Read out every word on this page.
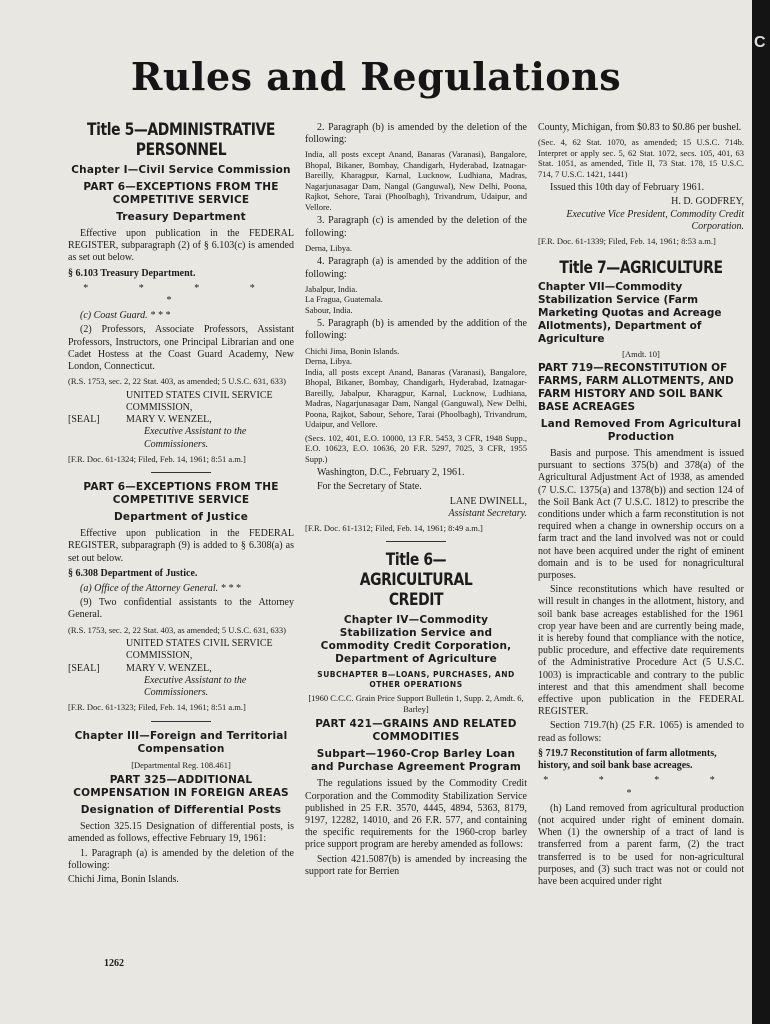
Rules and Regulations
Title 5—ADMINISTRATIVE PERSONNEL
Chapter I—Civil Service Commission
PART 6—EXCEPTIONS FROM THE COMPETITIVE SERVICE
Treasury Department

Effective upon publication in the FEDERAL REGISTER, subparagraph (2) of § 6.103(c) is amended as set out below.

§ 6.103 Treasury Department.
* * * * *

(c) Coast Guard. * * *

(2) Professors, Associate Professors, Assistant Professors, Instructors, one Principal Librarian and one Cadet Hostess at the Coast Guard Academy, New London, Connecticut.

(R.S. 1753, sec. 2, 22 Stat. 403, as amended; 5 U.S.C. 631, 633)

UNITED STATES CIVIL SERVICE COMMISSION,
[SEAL]	MARY V. WENZEL,
Executive Assistant to the Commissioners.

[F.R. Doc. 61-1324; Filed, Feb. 14, 1961; 8:51 a.m.]

PART 6—EXCEPTIONS FROM THE COMPETITIVE SERVICE
Department of Justice

Effective upon publication in the FEDERAL REGISTER, subparagraph (9) is added to § 6.308(a) as set out below.

§ 6.308 Department of Justice.

(a) Office of the Attorney General. * * *

(9) Two confidential assistants to the Attorney General.

(R.S. 1753, sec. 2, 22 Stat. 403, as amended; 5 U.S.C. 631, 633)

UNITED STATES CIVIL SERVICE COMMISSION,
[SEAL]	MARY V. WENZEL,
Executive Assistant to the Commissioners.

[F.R. Doc. 61-1323; Filed, Feb. 14, 1961; 8:51 a.m.]

Chapter III—Foreign and Territorial Compensation
[Departmental Reg. 108.461]
PART 325—ADDITIONAL COMPENSATION IN FOREIGN AREAS
Designation of Differential Posts

Section 325.15 Designation of differential posts, is amended as follows, effective February 19, 1961:

1. Paragraph (a) is amended by the deletion of the following:

Chichi Jima, Bonin Islands.

2. Paragraph (b) is amended by the deletion of the following:

India, all posts except Anand, Banaras (Varanasi), Bangalore, Bhopal, Bikaner, Bombay, Chandigarh, Hyderabad, Izatnagar-Bareilly, Kharagpur, Karnal, Lucknow, Ludhiana, Madras, Nagarjunasagar Dam, Nangal (Ganguwal), New Delhi, Poona, Rajkot, Sehore, Tarai (Phoolbagh), Trivandrum, Udaipur, and Vellore.

3. Paragraph (c) is amended by the deletion of the following:

Derna, Libya.

4. Paragraph (a) is amended by the addition of the following:

Jabalpur, India.
La Fragua, Guatemala.
Sabour, India.

5. Paragraph (b) is amended by the addition of the following:

Chichi Jima, Bonin Islands.
Derna, Libya.

India, all posts except Anand, Banaras (Varanasi), Bangalore, Bhopal, Bikaner, Bombay, Chandigarh, Hyderabad, Izatnagar-Bareilly, Jabalpur, Kharagpur, Karnal, Lucknow, Ludhiana, Madras, Nagarjunasagar Dam, Nangal (Ganguwal), New Delhi, Poona, Rajkot, Sabour, Sehore, Tarai (Phoolbagh), Trivandrum, Udaipur, and Vellore.

(Secs. 102, 401, E.O. 10000, 13 F.R. 5453, 3 CFR, 1948 Supp., E.O. 10623, E.O. 10636, 20 F.R. 5297, 7025, 3 CFR, 1955 Supp.)

Washington, D.C., February 2, 1961.

For the Secretary of State.

LANE DWINELL,
Assistant Secretary.

[F.R. Doc. 61-1312; Filed, Feb. 14, 1961; 8:49 a.m.]

Title 6—AGRICULTURAL CREDIT
Chapter IV—Commodity Stabilization Service and Commodity Credit Corporation, Department of Agriculture
SUBCHAPTER B—LOANS, PURCHASES, AND OTHER OPERATIONS
[1960 C.C.C. Grain Price Support Bulletin 1, Supp. 2, Amdt. 6, Barley]
PART 421—GRAINS AND RELATED COMMODITIES
Subpart—1960-Crop Barley Loan and Purchase Agreement Program

The regulations issued by the Commodity Credit Corporation and the Commodity Stabilization Service published in 25 F.R. 3570, 4445, 4894, 5363, 8179, 9197, 12282, 14010, and 26 F.R. 577, and containing the specific requirements for the 1960-crop barley price support program are hereby amended as follows:

Section 421.5087(b) is amended by increasing the support rate for Berrien

County, Michigan, from $0.83 to $0.86 per bushel.

(Sec. 4, 62 Stat. 1070, as amended; 15 U.S.C. 714b. Interpret or apply sec. 5, 62 Stat. 1072, secs. 105, 401, 63 Stat. 1051, as amended, Title II, 73 Stat. 178, 15 U.S.C. 714, 7 U.S.C. 1421, 1441)

Issued this 10th day of February 1961.

H. D. GODFREY,
Executive Vice President, Commodity Credit Corporation.

[F.R. Doc. 61-1339; Filed, Feb. 14, 1961; 8:53 a.m.]

Title 7—AGRICULTURE
Chapter VII—Commodity Stabilization Service (Farm Marketing Quotas and Acreage Allotments), Department of Agriculture
[Amdt. 10]
PART 719—RECONSTITUTION OF FARMS, FARM ALLOTMENTS, AND FARM HISTORY AND SOIL BANK BASE ACREAGES
Land Removed From Agricultural Production

Basis and purpose. This amendment is issued pursuant to sections 375(b) and 378(a) of the Agricultural Adjustment Act of 1938, as amended (7 U.S.C. 1375(a) and 1378(b)) and section 124 of the Soil Bank Act (7 U.S.C. 1812) to prescribe the conditions under which a farm reconstitution is not required when a change in ownership occurs on a farm tract and the land involved was not or could not have been acquired under the right of eminent domain and is to be used for nonagricultural purposes.

Since reconstitutions which have resulted or will result in changes in the allotment, history, and soil bank base acreages established for the 1961 crop year have been and are currently being made, it is hereby found that compliance with the notice, public procedure, and effective date requirements of the Administrative Procedure Act (5 U.S.C. 1003) is impracticable and contrary to the public interest and that this amendment shall become effective upon publication in the FEDERAL REGISTER.

Section 719.7(h) (25 F.R. 1065) is amended to read as follows:

§ 719.7 Reconstitution of farm allotments, history, and soil bank base acreages.
* * * * *

(h) Land removed from agricultural production (not acquired under right of eminent domain. When (1) the ownership of a tract of land is transferred from a parent farm, (2) the tract transferred is to be used for non-agricultural purposes, and (3) such tract was not or could not have been acquired under right

1262
C
